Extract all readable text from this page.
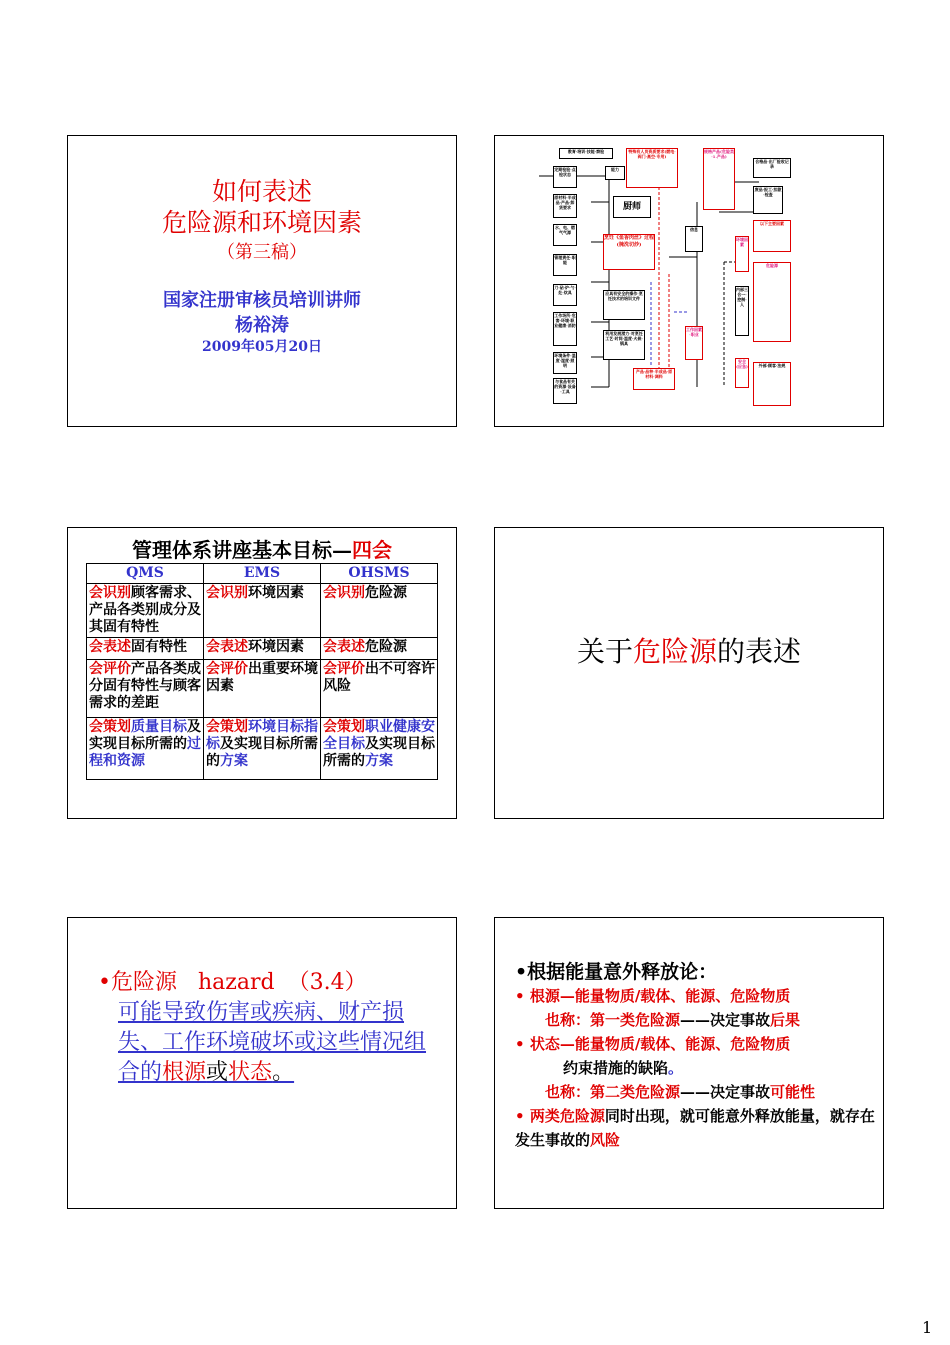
如何表述
危险源和环境因素
（第三稿）
国家注册审核员培训讲师
杨裕涛
2009年05月20日
教育·培训·技能·察验	特殊有人员资质要求(燃电·阀门·高空·专用)
能力
规格产品(危险类·1.产品)
合格品·出厂验收记录
定期检验·点检状态
原材料·半成品·产品·卸货要求	厨师
废品·报工·扣款·检查
水、电、燃气气源
烹饪《鱼香肉丝》过程(腌洗切炒)
信息
以下主要因素
管理责任·职能
刀·砧·炉·勺·灶·炊具	应具有安全的操作·烹饪技术的培训文件
环境因素
危险源
工作场所·危害·环境·职业健康·消防
利用发展潜力·对烹饪工艺·时间·温度·火候·锅具
工作因素·职业
安全(应急)
环境条件·温度·湿度·照明
产品·品种·半成品·原材料·调料
内部三合一·控制·人
外部·顾客·法规
与食品有关的资源·设备·工具
管理体系讲座基本目标—四会
QMS	EMS	OHSMS
会识别顾客需求、产品各类别成分及其固有特性	会识别环境因素	会识别危险源
会表述固有特性	会表述环境因素	会表述危险源
会评价产品各类成分固有特性与顾客需求的差距	会评价出重要环境因素	会评价出不可容许风险
会策划质量目标及实现目标所需的过程和资源	会策划环境目标指标及实现目标所需的方案	会策划职业健康安全目标及实现目标所需的方案
关于危险源的表述
•危险源 hazard （3.4）
可能导致伤害或疾病、财产损失、工作环境破坏或这些情况组合的根源或状态。
•根据能量意外释放论：
• 根源—能量物质/载体、能源、危险物质
也称：第一类危险源——决定事故后果
• 状态—能量物质/载体、能源、危险物质
约束措施的缺陷。
也称：第二类危险源——决定事故可能性
• 两类危险源同时出现，就可能意外释放能量，就存在发生事故的风险
1
